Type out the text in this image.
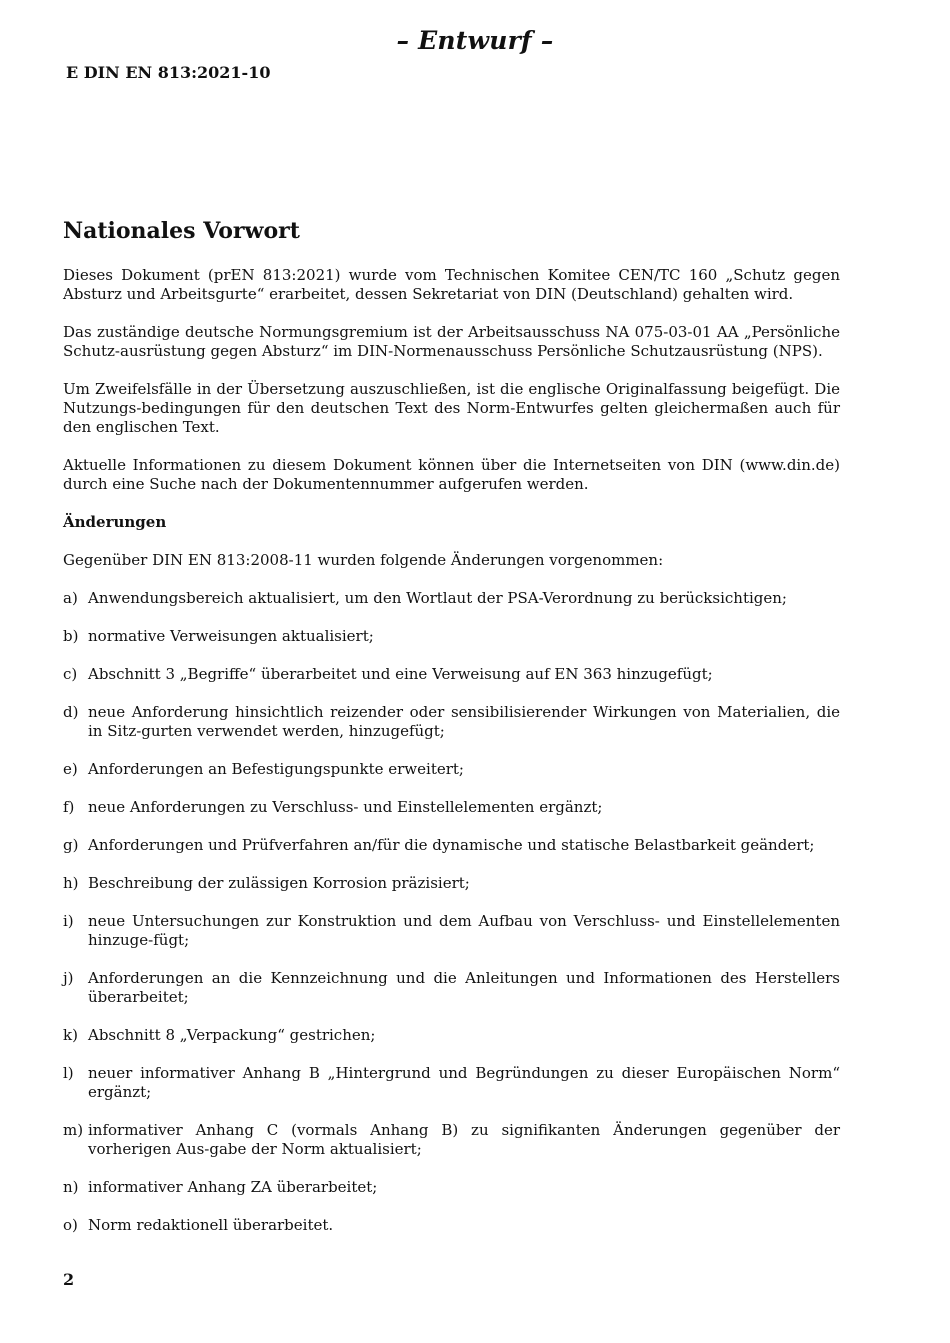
– Entwurf –
E DIN EN 813:2021-10
Nationales Vorwort

Dieses Dokument (prEN 813:2021) wurde vom Technischen Komitee CEN/TC 160 „Schutz gegen Absturz und Arbeitsgurte“ erarbeitet, dessen Sekretariat von DIN (Deutschland) gehalten wird.

Das zuständige deutsche Normungsgremium ist der Arbeitsausschuss NA 075-03-01 AA „Persönliche Schutz-ausrüstung gegen Absturz“ im DIN-Normenausschuss Persönliche Schutzausrüstung (NPS).

Um Zweifelsfälle in der Übersetzung auszuschließen, ist die englische Originalfassung beigefügt. Die Nutzungs-bedingungen für den deutschen Text des Norm-Entwurfes gelten gleichermaßen auch für den englischen Text.

Aktuelle Informationen zu diesem Dokument können über die Internetseiten von DIN (www.din.de) durch eine Suche nach der Dokumentennummer aufgerufen werden.

Änderungen
Gegenüber DIN EN 813:2008-11 wurden folgende Änderungen vorgenommen:
a) Anwendungsbereich aktualisiert, um den Wortlaut der PSA-Verordnung zu berücksichtigen;
b) normative Verweisungen aktualisiert;
c) Abschnitt 3 „Begriffe“ überarbeitet und eine Verweisung auf EN 363 hinzugefügt;
d) neue Anforderung hinsichtlich reizender oder sensibilisierender Wirkungen von Materialien, die in Sitz-gurten verwendet werden, hinzugefügt;
e) Anforderungen an Befestigungspunkte erweitert;
f) neue Anforderungen zu Verschluss- und Einstellelementen ergänzt;
g) Anforderungen und Prüfverfahren an/für die dynamische und statische Belastbarkeit geändert;
h) Beschreibung der zulässigen Korrosion präzisiert;
i) neue Untersuchungen zur Konstruktion und dem Aufbau von Verschluss- und Einstellelementen hinzuge-fügt;
j) Anforderungen an die Kennzeichnung und die Anleitungen und Informationen des Herstellers überarbeitet;
k) Abschnitt 8 „Verpackung“ gestrichen;
l) neuer informativer Anhang B „Hintergrund und Begründungen zu dieser Europäischen Norm“ ergänzt;
m) informativer Anhang C (vormals Anhang B) zu signifikanten Änderungen gegenüber der vorherigen Aus-gabe der Norm aktualisiert;
n) informativer Anhang ZA überarbeitet;
o) Norm redaktionell überarbeitet.
2
